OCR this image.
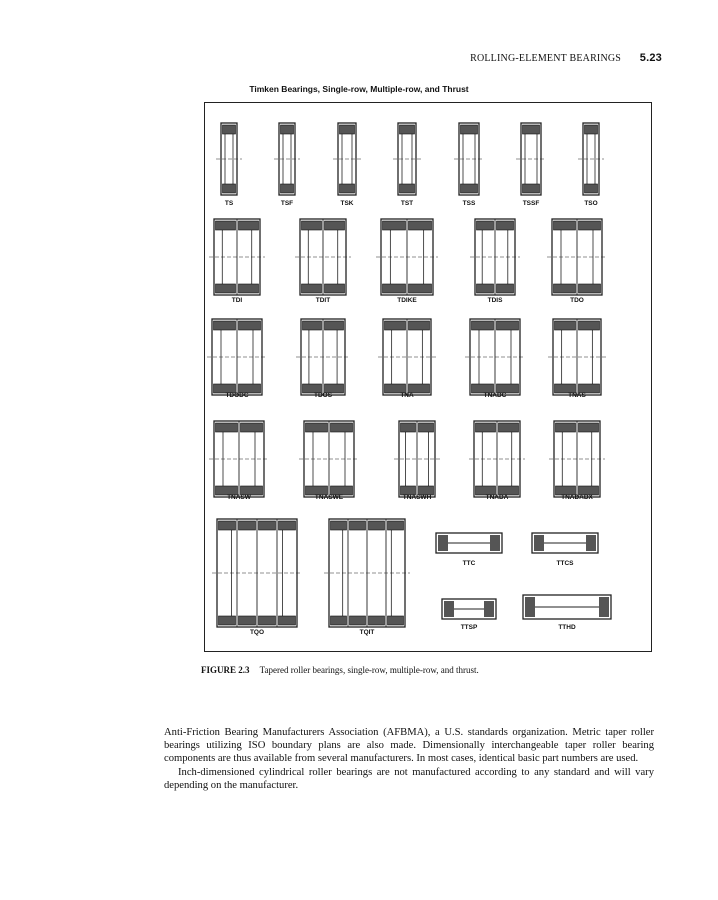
ROLLING-ELEMENT BEARINGS 5.23
Timken Bearings, Single-row, Multiple-row, and Thrust
TS	TSF	TSK	TST	TSS	TSSF	TSO
TDI	TDIT	TDIKE	TDIS	TDO
TDODC	TDOS	TNA	TNADC	TNAS
TNASW	TNASWE	TNASWH	TNADA	TNADADX
TQO	TQIT
TTC	TTCS
TTSP	TTHD
FIGURE 2.3 Tapered roller bearings, single-row, multiple-row, and thrust.

Anti-Friction Bearing Manufacturers Association (AFBMA), a U.S. standards organization. Metric taper roller bearings utilizing ISO boundary plans are also made. Dimensionally interchangeable taper roller bearing components are thus available from several manufacturers. In most cases, identical basic part numbers are used.

Inch-dimensioned cylindrical roller bearings are not manufactured according to any standard and will vary depending on the manufacturer.
